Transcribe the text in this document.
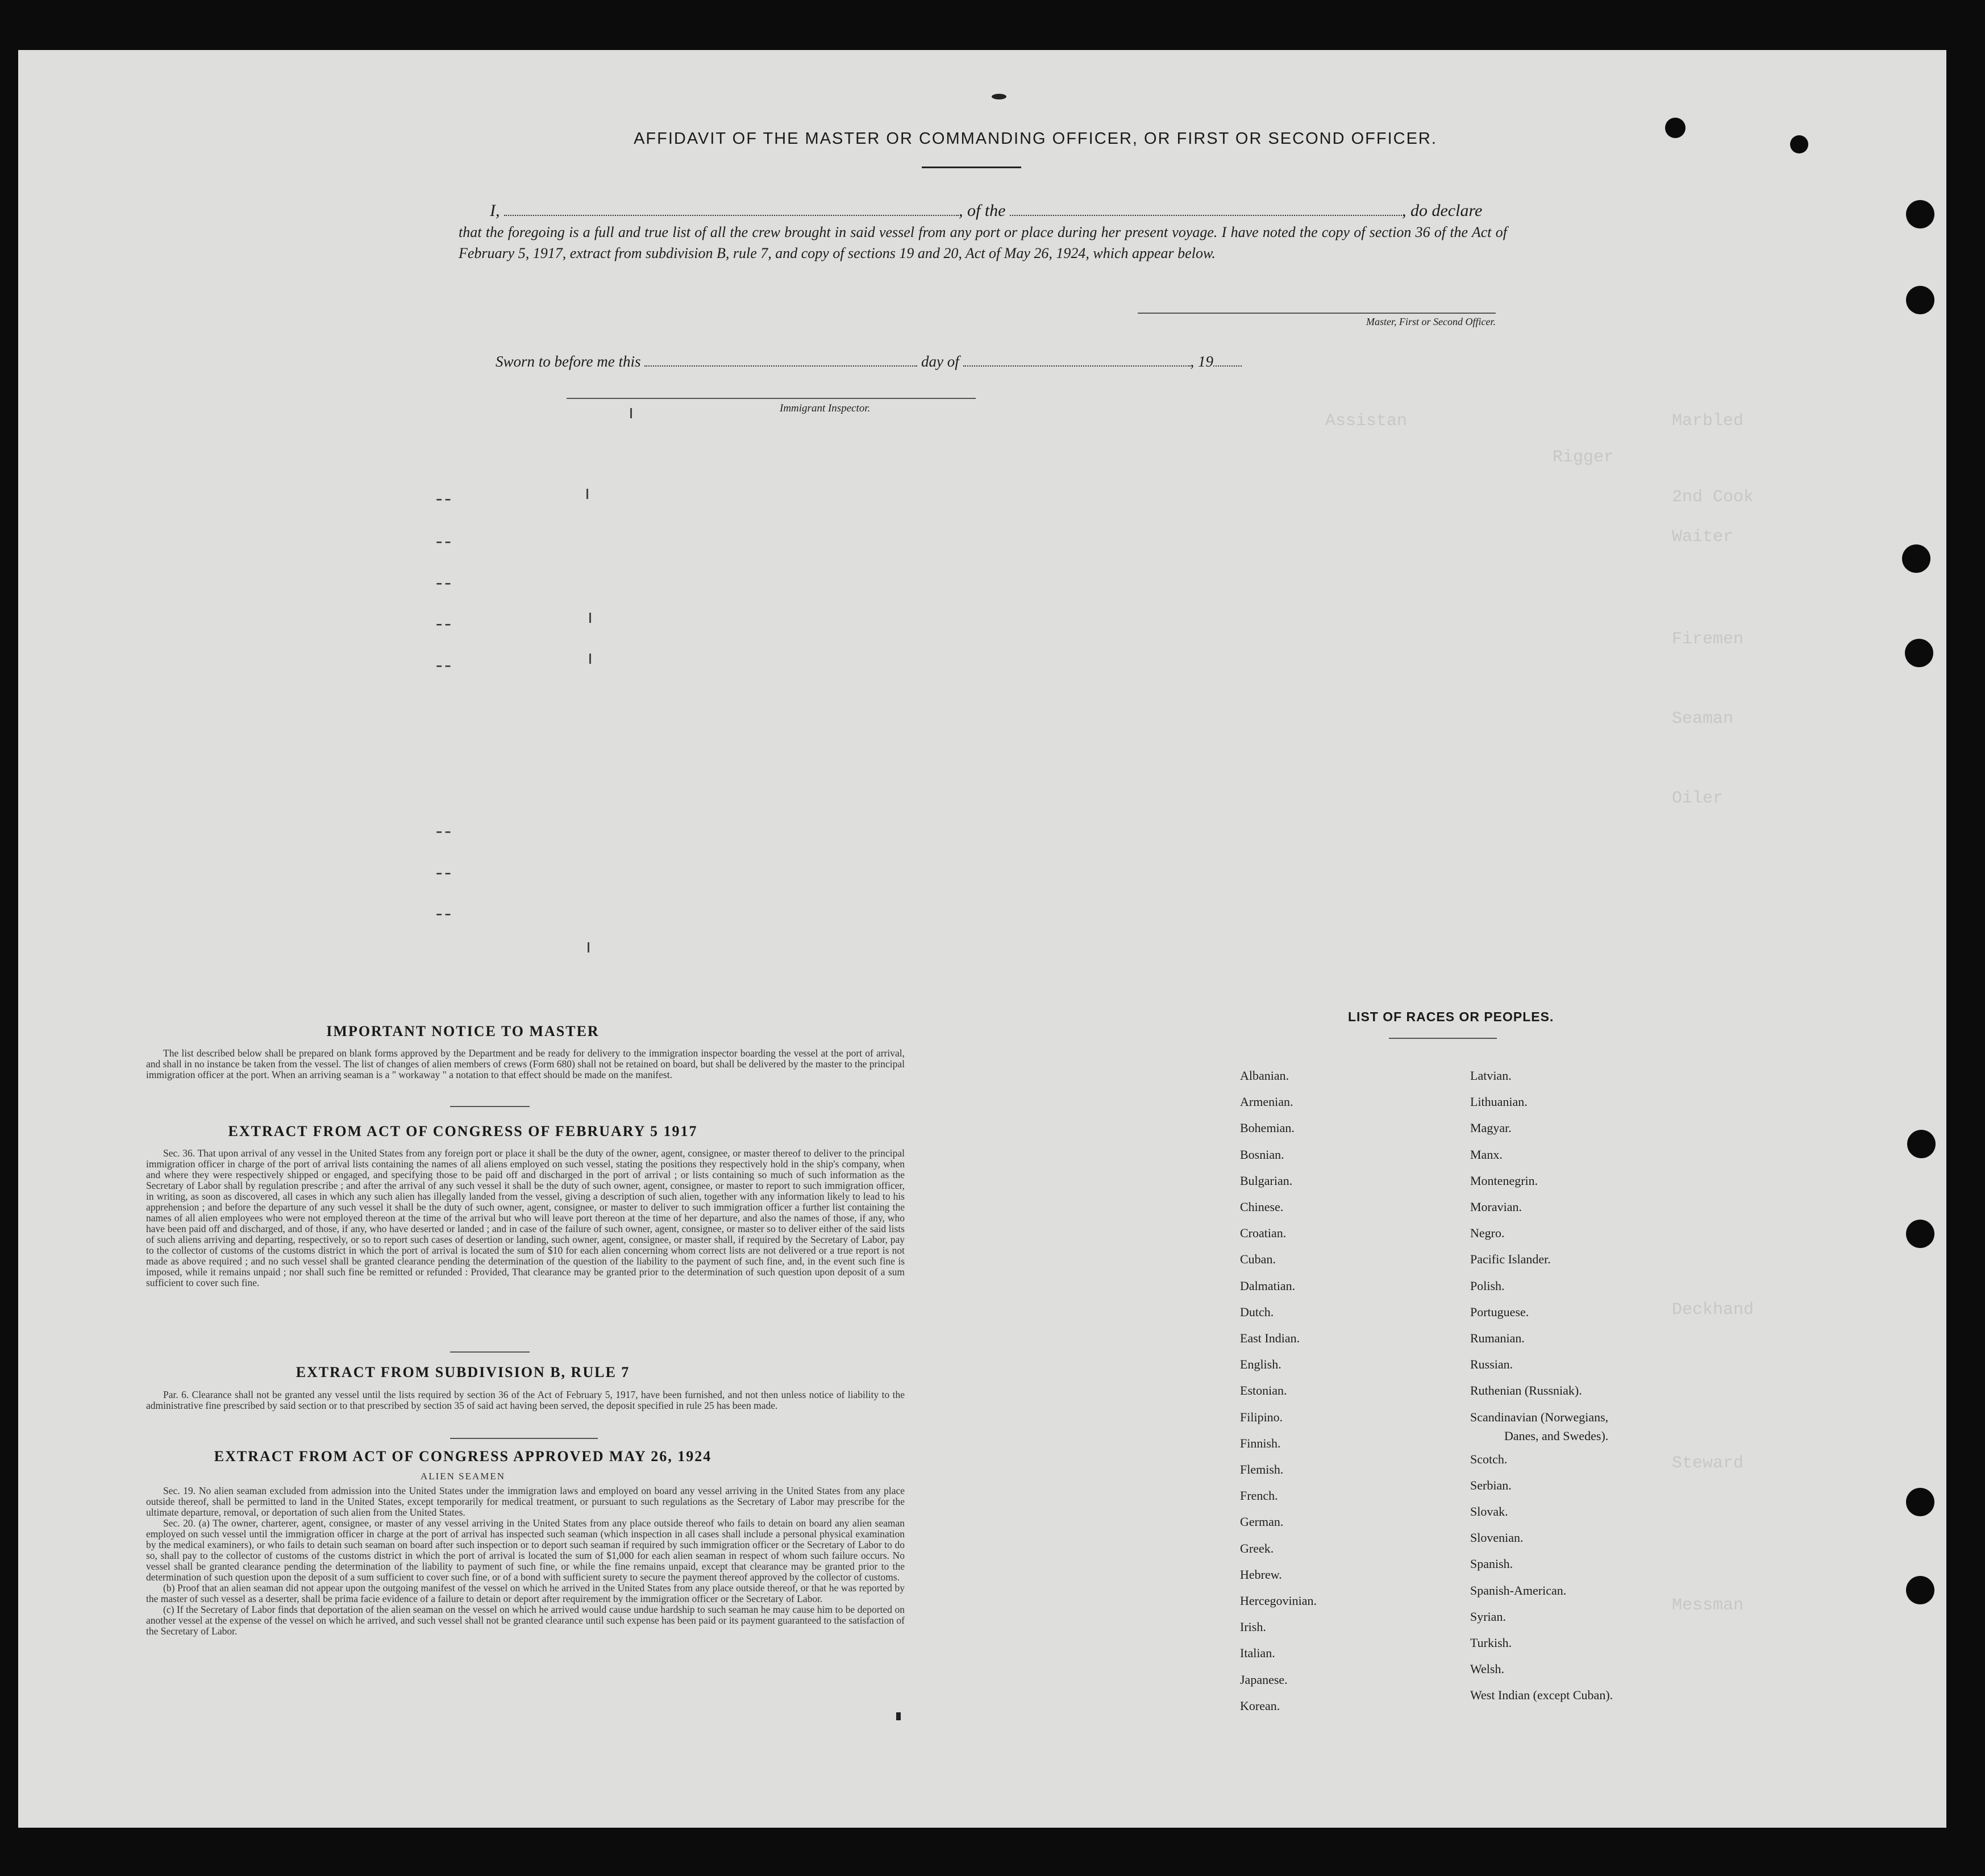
Marbled
Assistan
Rigger
2nd Cook
Waiter
Firemen
Seaman
Oiler
Deckhand
Steward
Messman
AFFIDAVIT OF THE MASTER OR COMMANDING OFFICER, OR FIRST OR SECOND OFFICER.
I,	, of the	, do declare
that the foregoing is a full and true list of all the crew brought in said vessel from any port or place during her present voyage. I have noted the copy of section 36 of the Act of February 5, 1917, extract from subdivision B, rule 7, and copy of sections 19 and 20, Act of May 26, 1924, which appear below.
Master, First or Second Officer.
Sworn to before me this	day of	, 19
Immigrant Inspector.
--
--
--
--
--
--
--
--
IMPORTANT NOTICE TO MASTER

The list described below shall be prepared on blank forms approved by the Department and be ready for delivery to the immigration inspector boarding the vessel at the port of arrival, and shall in no instance be taken from the vessel. The list of changes of alien members of crews (Form 680) shall not be retained on board, but shall be delivered by the master to the principal immigration officer at the port. When an arriving seaman is a " workaway " a notation to that effect should be made on the manifest.

EXTRACT FROM ACT OF CONGRESS OF FEBRUARY 5 1917

Sec. 36. That upon arrival of any vessel in the United States from any foreign port or place it shall be the duty of the owner, agent, consignee, or master thereof to deliver to the principal immigration officer in charge of the port of arrival lists containing the names of all aliens employed on such vessel, stating the positions they respectively hold in the ship's company, when and where they were respectively shipped or engaged, and specifying those to be paid off and discharged in the port of arrival ; or lists containing so much of such information as the Secretary of Labor shall by regulation prescribe ; and after the arrival of any such vessel it shall be the duty of such owner, agent, consignee, or master to report to such immigration officer, in writing, as soon as discovered, all cases in which any such alien has illegally landed from the vessel, giving a description of such alien, together with any information likely to lead to his apprehension ; and before the departure of any such vessel it shall be the duty of such owner, agent, consignee, or master to deliver to such immigration officer a further list containing the names of all alien employees who were not employed thereon at the time of the arrival but who will leave port thereon at the time of her departure, and also the names of those, if any, who have been paid off and discharged, and of those, if any, who have deserted or landed ; and in case of the failure of such owner, agent, consignee, or master so to deliver either of the said lists of such aliens arriving and departing, respectively, or so to report such cases of desertion or landing, such owner, agent, consignee, or master shall, if required by the Secretary of Labor, pay to the collector of customs of the customs district in which the port of arrival is located the sum of $10 for each alien concerning whom correct lists are not delivered or a true report is not made as above required ; and no such vessel shall be granted clearance pending the determination of the question of the liability to the payment of such fine, and, in the event such fine is imposed, while it remains unpaid ; nor shall such fine be remitted or refunded : Provided, That clearance may be granted prior to the determination of such question upon deposit of a sum sufficient to cover such fine.

EXTRACT FROM SUBDIVISION B, RULE 7

Par. 6. Clearance shall not be granted any vessel until the lists required by section 36 of the Act of February 5, 1917, have been furnished, and not then unless notice of liability to the administrative fine prescribed by said section or to that prescribed by section 35 of said act having been served, the deposit specified in rule 25 has been made.

EXTRACT FROM ACT OF CONGRESS APPROVED MAY 26, 1924
ALIEN SEAMEN

Sec. 19. No alien seaman excluded from admission into the United States under the immigration laws and employed on board any vessel arriving in the United States from any place outside thereof, shall be permitted to land in the United States, except temporarily for medical treatment, or pursuant to such regulations as the Secretary of Labor may prescribe for the ultimate departure, removal, or deportation of such alien from the United States.

Sec. 20. (a) The owner, charterer, agent, consignee, or master of any vessel arriving in the United States from any place outside thereof who fails to detain on board any alien seaman employed on such vessel until the immigration officer in charge at the port of arrival has inspected such seaman (which inspection in all cases shall include a personal physical examination by the medical examiners), or who fails to detain such seaman on board after such inspection or to deport such seaman if required by such immigration officer or the Secretary of Labor to do so, shall pay to the collector of customs of the customs district in which the port of arrival is located the sum of $1,000 for each alien seaman in respect of whom such failure occurs. No vessel shall be granted clearance pending the determination of the liability to payment of such fine, or while the fine remains unpaid, except that clearance may be granted prior to the determination of such question upon the deposit of a sum sufficient to cover such fine, or of a bond with sufficient surety to secure the payment thereof approved by the collector of customs.

(b) Proof that an alien seaman did not appear upon the outgoing manifest of the vessel on which he arrived in the United States from any place outside thereof, or that he was reported by the master of such vessel as a deserter, shall be prima facie evidence of a failure to detain or deport after requirement by the immigration officer or the Secretary of Labor.

(c) If the Secretary of Labor finds that deportation of the alien seaman on the vessel on which he arrived would cause undue hardship to such seaman he may cause him to be deported on another vessel at the expense of the vessel on which he arrived, and such vessel shall not be granted clearance until such expense has been paid or its payment guaranteed to the satisfaction of the Secretary of Labor.

LIST OF RACES OR PEOPLES.
Albanian.
Armenian.
Bohemian.
Bosnian.
Bulgarian.
Chinese.
Croatian.
Cuban.
Dalmatian.
Dutch.
East Indian.
English.
Estonian.
Filipino.
Finnish.
Flemish.
French.
German.
Greek.
Hebrew.
Hercegovinian.
Irish.
Italian.
Japanese.
Korean.
Latvian.
Lithuanian.
Magyar.
Manx.
Montenegrin.
Moravian.
Negro.
Pacific Islander.
Polish.
Portuguese.
Rumanian.
Russian.
Ruthenian (Russniak).
Scandinavian (Norwegians,
Danes, and Swedes).
Scotch.
Serbian.
Slovak.
Slovenian.
Spanish.
Spanish-American.
Syrian.
Turkish.
Welsh.
West Indian (except Cuban).
